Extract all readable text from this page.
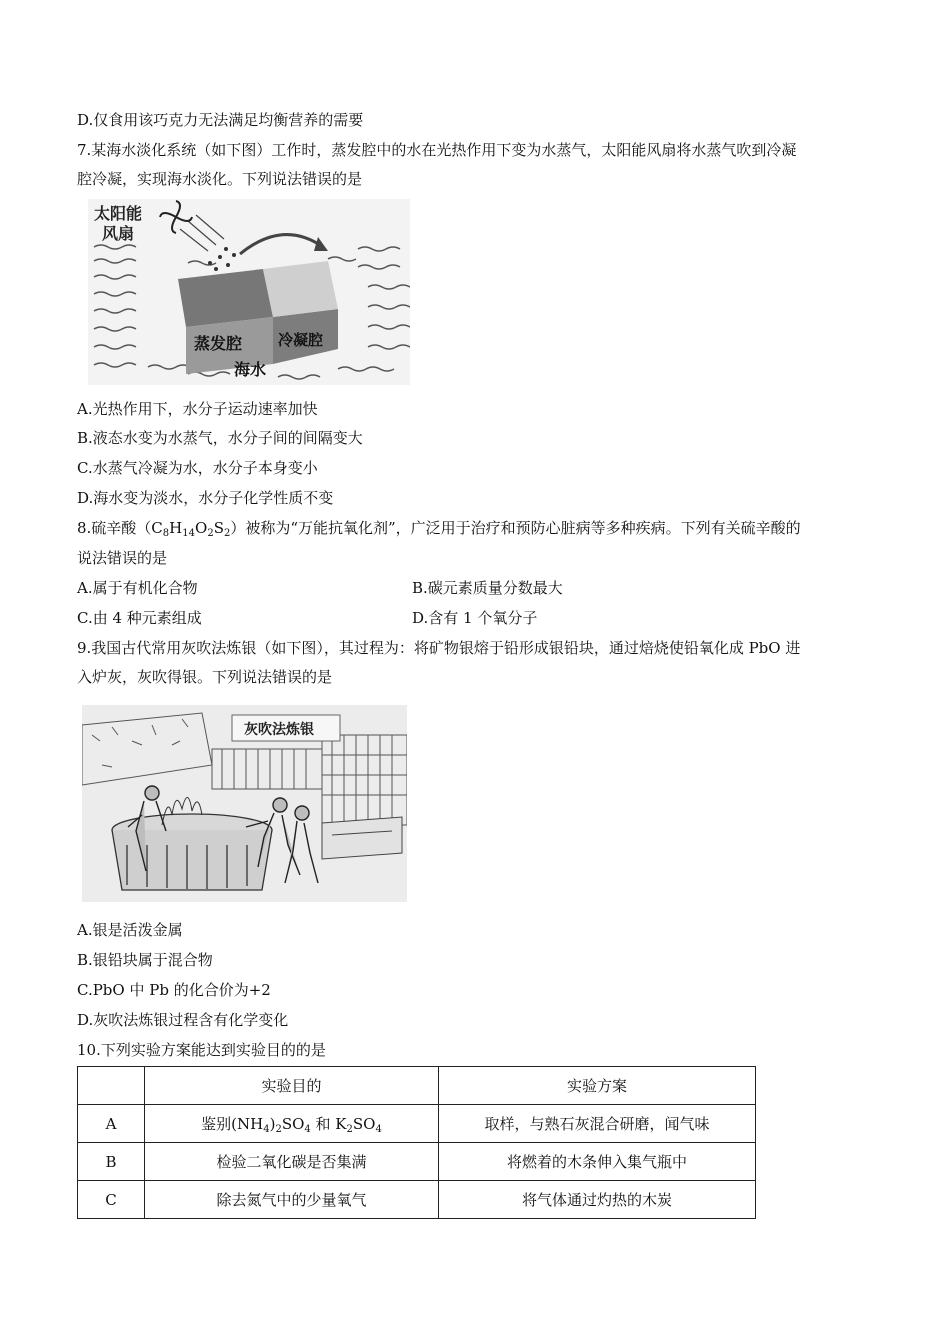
D.仅食用该巧克力无法满足均衡营养的需要
7.某海水淡化系统（如下图）工作时，蒸发腔中的水在光热作用下变为水蒸气，太阳能风扇将水蒸气吹到冷凝
腔冷凝，实现海水淡化。下列说法错误的是
太阳能
风扇
蒸发腔 冷凝腔
海水
A.光热作用下，水分子运动速率加快
B.液态水变为水蒸气，水分子间的间隔变大
C.水蒸气冷凝为水，水分子本身变小
D.海水变为淡水，水分子化学性质不变
8.硫辛酸$(C_8H_{14}O_2S_2)$被称为“万能抗氧化剂”，广泛用于治疗和预防心脏病等多种疾病。下列有关硫辛酸的
说法错误的是
A.属于有机化合物	B.碳元素质量分数最大
C.由 4 种元素组成	D.含有 1 个氧分子
9.我国古代常用灰吹法炼银（如下图），其过程为：将矿物银熔于铅形成银铅块，通过焙烧使铅氧化成 PbO 进
入炉灰，灰吹得银。下列说法错误的是
灰吹法炼银
A.银是活泼金属
B.银铅块属于混合物
C.PbO 中 Pb 的化合价为+2
D.灰吹法炼银过程含有化学变化
10.下列实验方案能达到实验目的的是
	实验目的	实验方案
A	鉴别$(NH_4)_2SO_4$ 和 $K_2SO_4$	取样，与熟石灰混合研磨，闻气味
B	检验二氧化碳是否集满	将燃着的木条伸入集气瓶中
C	除去氮气中的少量氧气	将气体通过灼热的木炭
